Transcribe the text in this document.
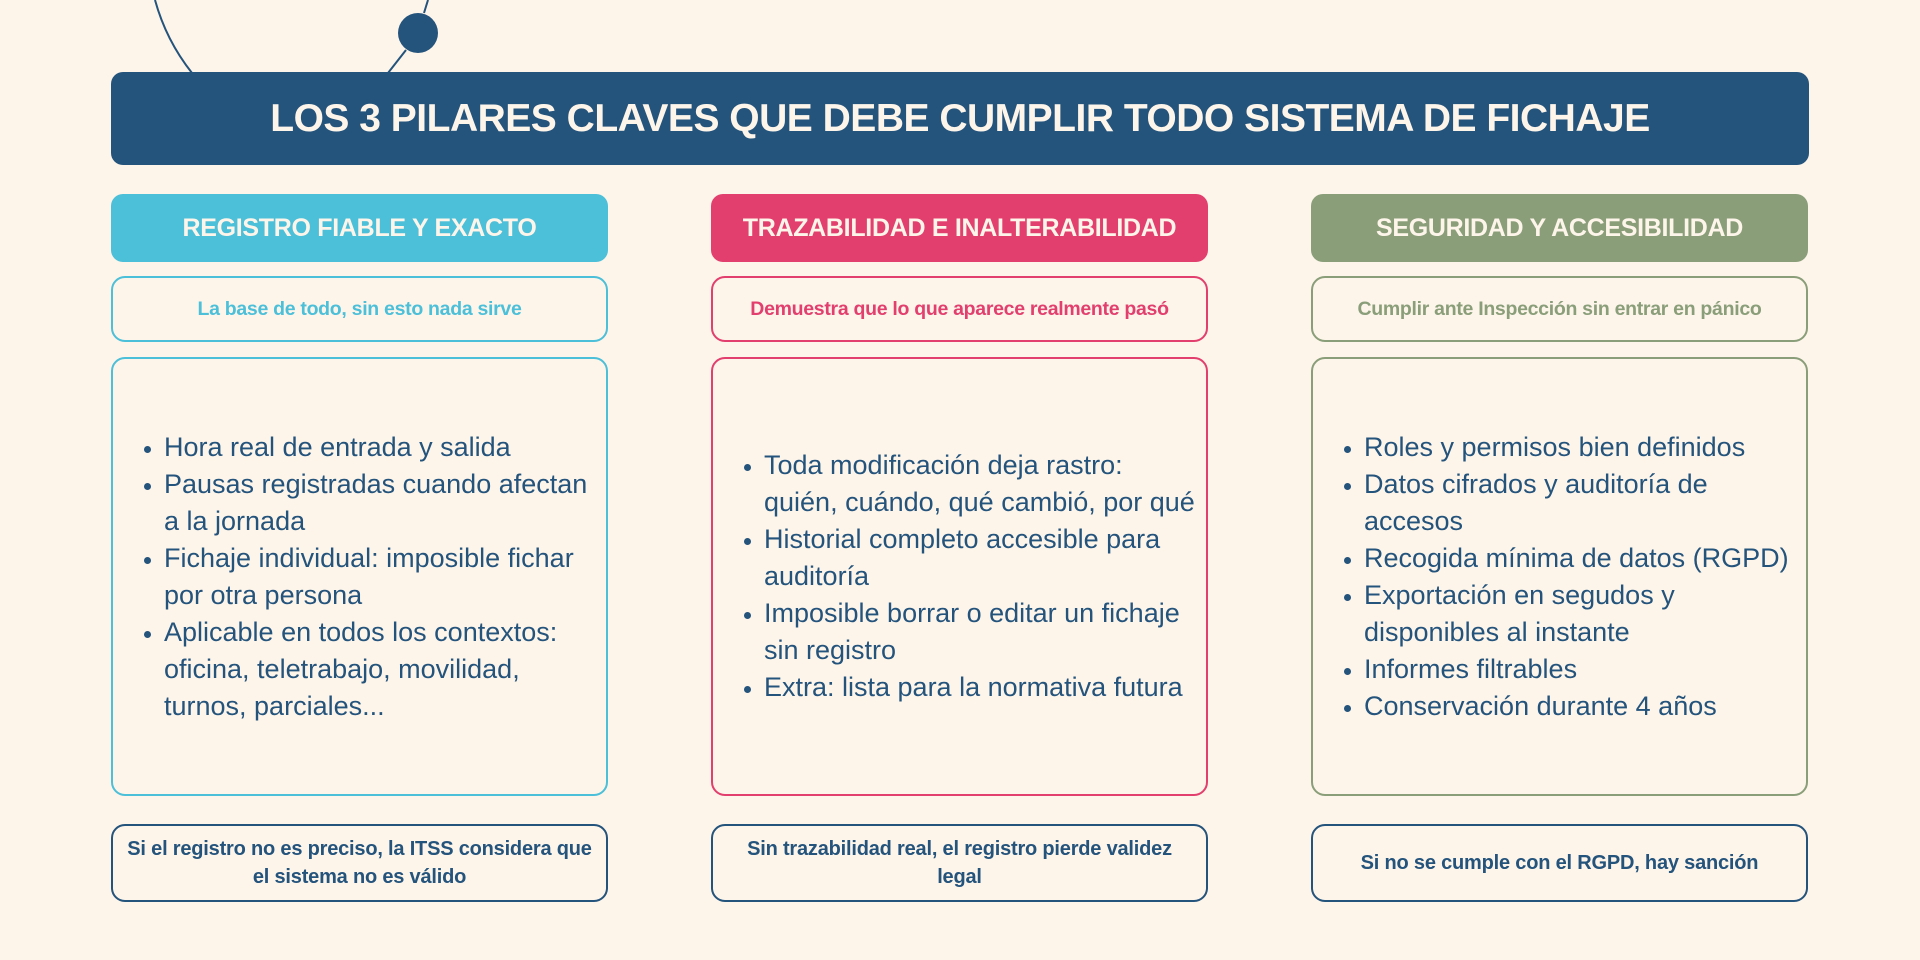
LOS 3 PILARES CLAVES QUE DEBE CUMPLIR TODO SISTEMA DE FICHAJE
REGISTRO FIABLE Y EXACTO
La base de todo, sin esto nada sirve
• Hora real de entrada y salida
• Pausas registradas cuando afectan a la jornada
• Fichaje individual: imposible fichar por otra persona
• Aplicable en todos los contextos: oficina, teletrabajo, movilidad, turnos, parciales...
Si el registro no es preciso, la ITSS considera que el sistema no es válido
TRAZABILIDAD E INALTERABILIDAD
Demuestra que lo que aparece realmente pasó
• Toda modificación deja rastro: quién, cuándo, qué cambió, por qué
• Historial completo accesible para auditoría
• Imposible borrar o editar un fichaje sin registro
• Extra: lista para la normativa futura
Sin trazabilidad real, el registro pierde validez legal
SEGURIDAD Y ACCESIBILIDAD
Cumplir ante Inspección sin entrar en pánico
• Roles y permisos bien definidos
• Datos cifrados y auditoría de accesos
• Recogida mínima de datos (RGPD)
• Exportación en segudos y disponibles al instante
• Informes filtrables
• Conservación durante 4 años
Si no se cumple con el RGPD, hay sanción
